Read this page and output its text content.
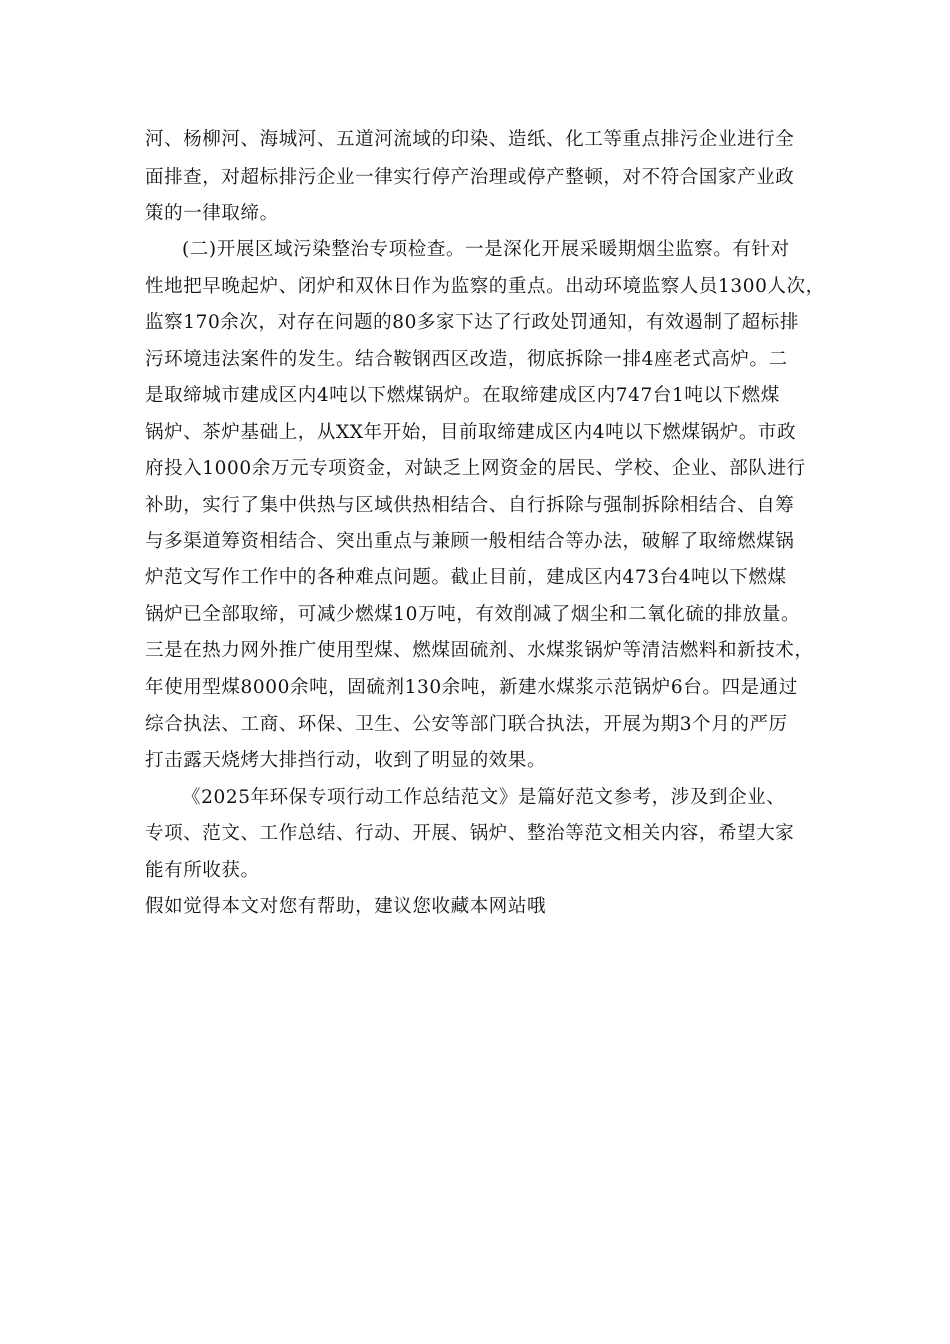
河、杨柳河、海城河、五道河流域的印染、造纸、化工等重点排污企业进行全
面排查，对超标排污企业一律实行停产治理或停产整顿，对不符合国家产业政
策的一律取缔。
(二)开展区域污染整治专项检查。一是深化开展采暖期烟尘监察。有针对
性地把早晚起炉、闭炉和双休日作为监察的重点。出动环境监察人员1300人次，
监察170余次，对存在问题的80多家下达了行政处罚通知，有效遏制了超标排
污环境违法案件的发生。结合鞍钢西区改造，彻底拆除一排4座老式高炉。二
是取缔城市建成区内4吨以下燃煤锅炉。在取缔建成区内747台1吨以下燃煤
锅炉、茶炉基础上，从XX年开始，目前取缔建成区内4吨以下燃煤锅炉。市政
府投入1000余万元专项资金，对缺乏上网资金的居民、学校、企业、部队进行
补助，实行了集中供热与区域供热相结合、自行拆除与强制拆除相结合、自筹
与多渠道筹资相结合、突出重点与兼顾一般相结合等办法，破解了取缔燃煤锅
炉范文写作工作中的各种难点问题。截止目前，建成区内473台4吨以下燃煤
锅炉已全部取缔，可减少燃煤10万吨，有效削减了烟尘和二氧化硫的排放量。
三是在热力网外推广使用型煤、燃煤固硫剂、水煤浆锅炉等清洁燃料和新技术，
年使用型煤8000余吨，固硫剂130余吨，新建水煤浆示范锅炉6台。四是通过
综合执法、工商、环保、卫生、公安等部门联合执法，开展为期3个月的严厉
打击露天烧烤大排挡行动，收到了明显的效果。
《2025年环保专项行动工作总结范文》是篇好范文参考，涉及到企业、
专项、范文、工作总结、行动、开展、锅炉、整治等范文相关内容，希望大家
能有所收获。
假如觉得本文对您有帮助，建议您收藏本网站哦
